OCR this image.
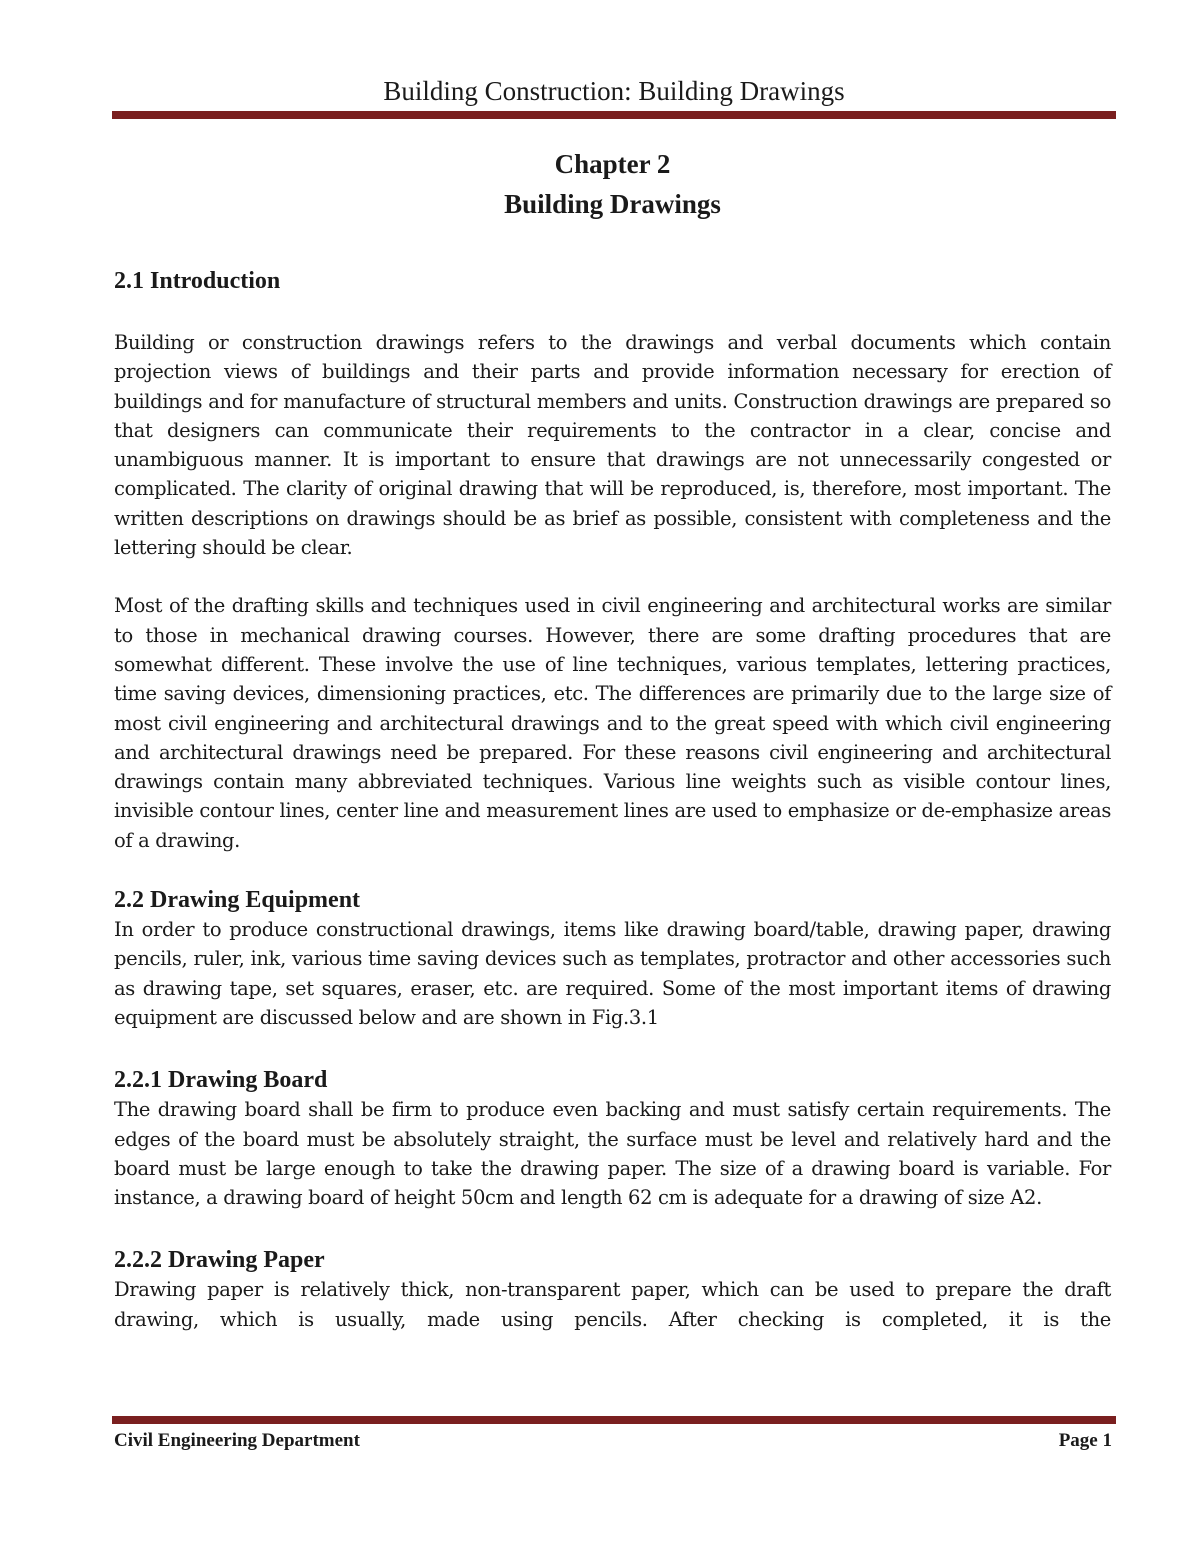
Building Construction: Building Drawings
Chapter 2
Building Drawings
2.1 Introduction

Building or construction drawings refers to the drawings and verbal documents which contain projection views of buildings and their parts and provide information necessary for erection of buildings and for manufacture of structural members and units. Construction drawings are prepared so that designers can communicate their requirements to the contractor in a clear, concise and unambiguous manner. It is important to ensure that drawings are not unnecessarily congested or complicated. The clarity of original drawing that will be reproduced, is, therefore, most important. The written descriptions on drawings should be as brief as possible, consistent with completeness and the lettering should be clear.

Most of the drafting skills and techniques used in civil engineering and architectural works are similar to those in mechanical drawing courses. However, there are some drafting procedures that are somewhat different. These involve the use of line techniques, various templates, lettering practices, time saving devices, dimensioning practices, etc. The differences are primarily due to the large size of most civil engineering and architectural drawings and to the great speed with which civil engineering and architectural drawings need be prepared. For these reasons civil engineering and architectural drawings contain many abbreviated techniques. Various line weights such as visible contour lines, invisible contour lines, center line and measurement lines are used to emphasize or de-emphasize areas of a drawing.

2.2 Drawing Equipment

In order to produce constructional drawings, items like drawing board/table, drawing paper, drawing pencils, ruler, ink, various time saving devices such as templates, protractor and other accessories such as drawing tape, set squares, eraser, etc. are required. Some of the most important items of drawing equipment are discussed below and are shown in Fig.3.1

2.2.1 Drawing Board

The drawing board shall be firm to produce even backing and must satisfy certain requirements. The edges of the board must be absolutely straight, the surface must be level and relatively hard and the board must be large enough to take the drawing paper. The size of a drawing board is variable. For instance, a drawing board of height 50cm and length 62 cm is adequate for a drawing of size A2.

2.2.2 Drawing Paper

Drawing paper is relatively thick, non-transparent paper, which can be used to prepare the draft drawing, which is usually, made using pencils. After checking is completed, it is the

Civil Engineering Department	Page 1
